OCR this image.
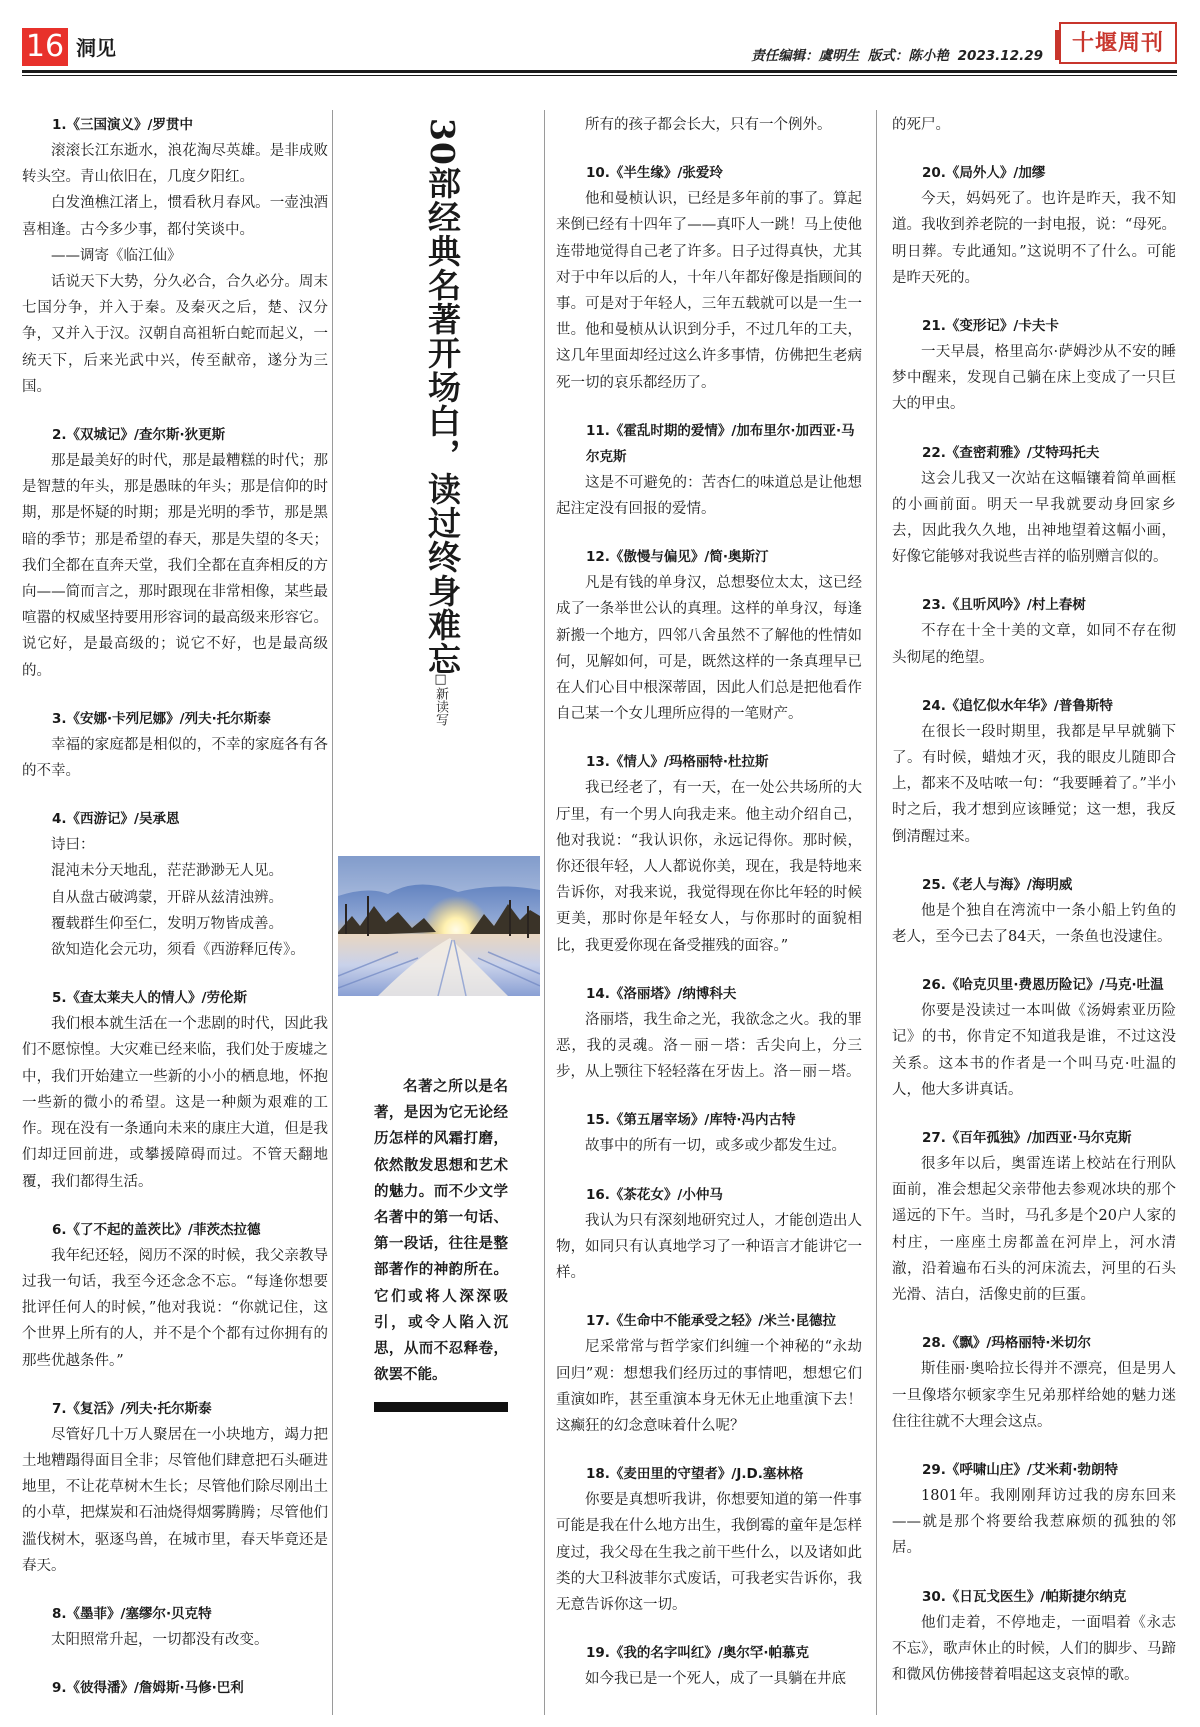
16 洞见	责任编辑：虞明生 版式：陈小艳 2023.12.29	十堰周刊
1.《三国演义》/罗贯中

滚滚长江东逝水，浪花淘尽英雄。是非成败转头空。青山依旧在，几度夕阳红。

白发渔樵江渚上，惯看秋月春风。一壶浊酒喜相逢。古今多少事，都付笑谈中。

——调寄《临江仙》

话说天下大势，分久必合，合久必分。周末七国分争，并入于秦。及秦灭之后，楚、汉分争，又并入于汉。汉朝自高祖斩白蛇而起义，一统天下，后来光武中兴，传至献帝，遂分为三国。

2.《双城记》/查尔斯·狄更斯

那是最美好的时代，那是最糟糕的时代；那是智慧的年头，那是愚昧的年头；那是信仰的时期，那是怀疑的时期；那是光明的季节，那是黑暗的季节；那是希望的春天，那是失望的冬天；我们全都在直奔天堂，我们全都在直奔相反的方向——简而言之，那时跟现在非常相像，某些最喧嚣的权威坚持要用形容词的最高级来形容它。说它好，是最高级的；说它不好，也是最高级的。

3.《安娜·卡列尼娜》/列夫·托尔斯泰

幸福的家庭都是相似的，不幸的家庭各有各的不幸。

4.《西游记》/吴承恩

诗曰：

混沌未分天地乱，茫茫渺渺无人见。

自从盘古破鸿蒙，开辟从兹清浊辨。

覆载群生仰至仁，发明万物皆成善。

欲知造化会元功，须看《西游释厄传》。

5.《查太莱夫人的情人》/劳伦斯

我们根本就生活在一个悲剧的时代，因此我们不愿惊惶。大灾难已经来临，我们处于废墟之中，我们开始建立一些新的小小的栖息地，怀抱一些新的微小的希望。这是一种颇为艰难的工作。现在没有一条通向未来的康庄大道，但是我们却迂回前进，或攀援障碍而过。不管天翻地覆，我们都得生活。

6.《了不起的盖茨比》/菲茨杰拉德

我年纪还轻，阅历不深的时候，我父亲教导过我一句话，我至今还念念不忘。“每逢你想要批评任何人的时候，”他对我说：“你就记住，这个世界上所有的人，并不是个个都有过你拥有的那些优越条件。”

7.《复活》/列夫·托尔斯泰

尽管好几十万人聚居在一小块地方，竭力把土地糟蹋得面目全非；尽管他们肆意把石头砸进地里，不让花草树木生长；尽管他们除尽刚出土的小草，把煤炭和石油烧得烟雾腾腾；尽管他们滥伐树木，驱逐鸟兽，在城市里，春天毕竟还是春天。

8.《墨菲》/塞缪尔·贝克特

太阳照常升起，一切都没有改变。

9.《彼得潘》/詹姆斯·马修·巴利
30部经典名著开场白，读过终身难忘
□新读写

名著之所以是名著，是因为它无论经历怎样的风霜打磨，依然散发思想和艺术的魅力。而不少文学名著中的第一句话、第一段话，往往是整部著作的神韵所在。它们或将人深深吸引，或令人陷入沉思，从而不忍释卷，欲罢不能。

所有的孩子都会长大，只有一个例外。

10.《半生缘》/张爱玲

他和曼桢认识，已经是多年前的事了。算起来倒已经有十四年了——真吓人一跳！马上使他连带地觉得自己老了许多。日子过得真快，尤其对于中年以后的人，十年八年都好像是指顾间的事。可是对于年轻人，三年五载就可以是一生一世。他和曼桢从认识到分手，不过几年的工夫，这几年里面却经过这么许多事情，仿佛把生老病死一切的哀乐都经历了。

11.《霍乱时期的爱情》/加布里尔·加西亚·马尔克斯

这是不可避免的：苦杏仁的味道总是让他想起注定没有回报的爱情。

12.《傲慢与偏见》/简·奥斯汀

凡是有钱的单身汉，总想娶位太太，这已经成了一条举世公认的真理。这样的单身汉，每逢新搬一个地方，四邻八舍虽然不了解他的性情如何，见解如何，可是，既然这样的一条真理早已在人们心目中根深蒂固，因此人们总是把他看作自己某一个女儿理所应得的一笔财产。

13.《情人》/玛格丽特·杜拉斯

我已经老了，有一天，在一处公共场所的大厅里，有一个男人向我走来。他主动介绍自己，他对我说：“我认识你，永远记得你。那时候，你还很年轻，人人都说你美，现在，我是特地来告诉你，对我来说，我觉得现在你比年轻的时候更美，那时你是年轻女人，与你那时的面貌相比，我更爱你现在备受摧残的面容。”

14.《洛丽塔》/纳博科夫

洛丽塔，我生命之光，我欲念之火。我的罪恶，我的灵魂。洛－丽－塔：舌尖向上，分三步，从上颚往下轻轻落在牙齿上。洛－丽－塔。

15.《第五屠宰场》/库特·冯内古特

故事中的所有一切，或多或少都发生过。

16.《茶花女》/小仲马

我认为只有深刻地研究过人，才能创造出人物，如同只有认真地学习了一种语言才能讲它一样。

17.《生命中不能承受之轻》/米兰·昆德拉

尼采常常与哲学家们纠缠一个神秘的“永劫回归”观：想想我们经历过的事情吧，想想它们重演如昨，甚至重演本身无休无止地重演下去！这癫狂的幻念意味着什么呢？

18.《麦田里的守望者》/J.D.塞林格

你要是真想听我讲，你想要知道的第一件事可能是我在什么地方出生，我倒霉的童年是怎样度过，我父母在生我之前干些什么，以及诸如此类的大卫科波菲尔式废话，可我老实告诉你，我无意告诉你这一切。

19.《我的名字叫红》/奥尔罕·帕慕克

如今我已是一个死人，成了一具躺在井底

的死尸。

20.《局外人》/加缪

今天，妈妈死了。也许是昨天，我不知道。我收到养老院的一封电报，说：“母死。明日葬。专此通知。”这说明不了什么。可能是昨天死的。

21.《变形记》/卡夫卡

一天早晨，格里高尔·萨姆沙从不安的睡梦中醒来，发现自己躺在床上变成了一只巨大的甲虫。

22.《查密莉雅》/艾特玛托夫

这会儿我又一次站在这幅镶着简单画框的小画前面。明天一早我就要动身回家乡去，因此我久久地，出神地望着这幅小画，好像它能够对我说些吉祥的临别赠言似的。

23.《且听风吟》/村上春树

不存在十全十美的文章，如同不存在彻头彻尾的绝望。

24.《追忆似水年华》/普鲁斯特

在很长一段时期里，我都是早早就躺下了。有时候，蜡烛才灭，我的眼皮儿随即合上，都来不及咕哝一句：“我要睡着了。”半小时之后，我才想到应该睡觉；这一想，我反倒清醒过来。

25.《老人与海》/海明威

他是个独自在湾流中一条小船上钓鱼的老人，至今已去了84天，一条鱼也没逮住。

26.《哈克贝里·费恩历险记》/马克·吐温

你要是没读过一本叫做《汤姆索亚历险记》的书，你肯定不知道我是谁，不过这没关系。这本书的作者是一个叫马克·吐温的人，他大多讲真话。

27.《百年孤独》/加西亚·马尔克斯

很多年以后，奥雷连诺上校站在行刑队面前，准会想起父亲带他去参观冰块的那个遥远的下午。当时，马孔多是个20户人家的村庄，一座座土房都盖在河岸上，河水清澈，沿着遍布石头的河床流去，河里的石头光滑、洁白，活像史前的巨蛋。

28.《飘》/玛格丽特·米切尔

斯佳丽·奥哈拉长得并不漂亮，但是男人一旦像塔尔顿家孪生兄弟那样给她的魅力迷住往往就不大理会这点。

29.《呼啸山庄》/艾米莉·勃朗特

1801年。我刚刚拜访过我的房东回来——就是那个将要给我惹麻烦的孤独的邻居。

30.《日瓦戈医生》/帕斯捷尔纳克

他们走着，不停地走，一面唱着《永志不忘》，歌声休止的时候，人们的脚步、马蹄和微风仿佛接替着唱起这支哀悼的歌。
